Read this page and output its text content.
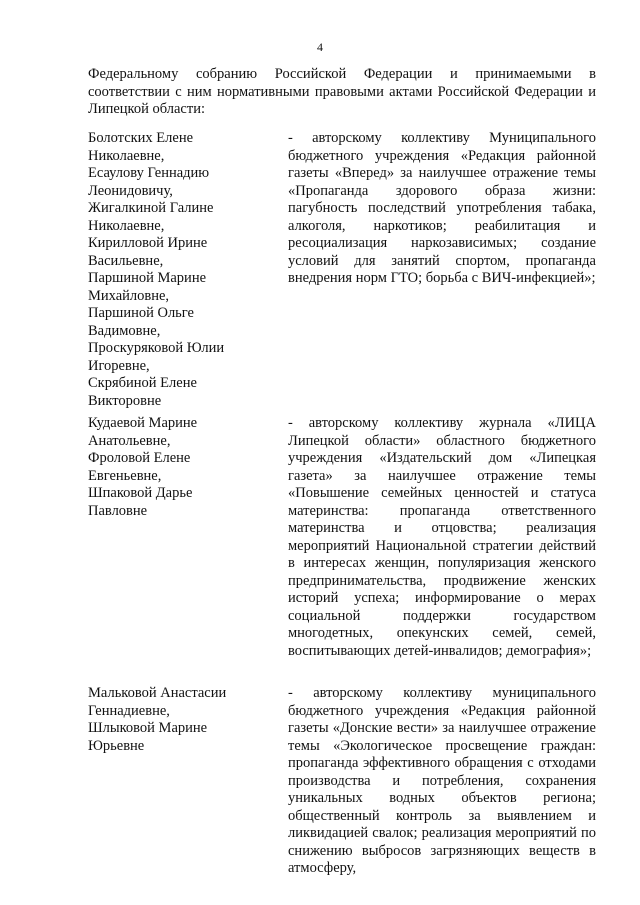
4
Федеральному собранию Российской Федерации и принимаемыми в соответствии с ним нормативными правовыми актами Российской Федерации и Липецкой области:
Болотских Елене
Николаевне,
Есаулову Геннадию
Леонидовичу,
Жигалкиной Галине
Николаевне,
Кирилловой Ирине
Васильевне,
Паршиной Марине
Михайловне,
Паршиной Ольге
Вадимовне,
Проскуряковой Юлии
Игоревне,
Скрябиной Елене
Викторовне
- авторскому коллективу Муниципального бюджетного учреждения «Редакция районной газеты «Вперед» за наилучшее отражение темы «Пропаганда здорового образа жизни: пагубность последствий употребления табака, алкоголя, наркотиков; реабилитация и ресоциализация наркозависимых; создание условий для занятий спортом, пропаганда внедрения норм ГТО; борьба с ВИЧ-инфекцией»;
Кудаевой Марине
Анатольевне,
Фроловой Елене
Евгеньевне,
Шпаковой Дарье
Павловне
- авторскому коллективу журнала «ЛИЦА Липецкой области» областного бюджетного учреждения «Издательский дом «Липецкая газета» за наилучшее отражение темы «Повышение семейных ценностей и статуса материнства: пропаганда ответственного материнства и отцовства; реализация мероприятий Национальной стратегии действий в интересах женщин, популяризация женского предпринимательства, продвижение женских историй успеха; информирование о мерах социальной поддержки государством многодетных, опекунских семей, семей, воспитывающих детей-инвалидов; демография»;
Мальковой Анастасии
Геннадиевне,
Шлыковой Марине
Юрьевне
- авторскому коллективу муниципального бюджетного учреждения «Редакция районной газеты «Донские вести» за наилучшее отражение темы «Экологическое просвещение граждан: пропаганда эффективного обращения с отходами производства и потребления, сохранения уникальных водных объектов региона; общественный контроль за выявлением и ликвидацией свалок; реализация мероприятий по снижению выбросов загрязняющих веществ в атмосферу,
